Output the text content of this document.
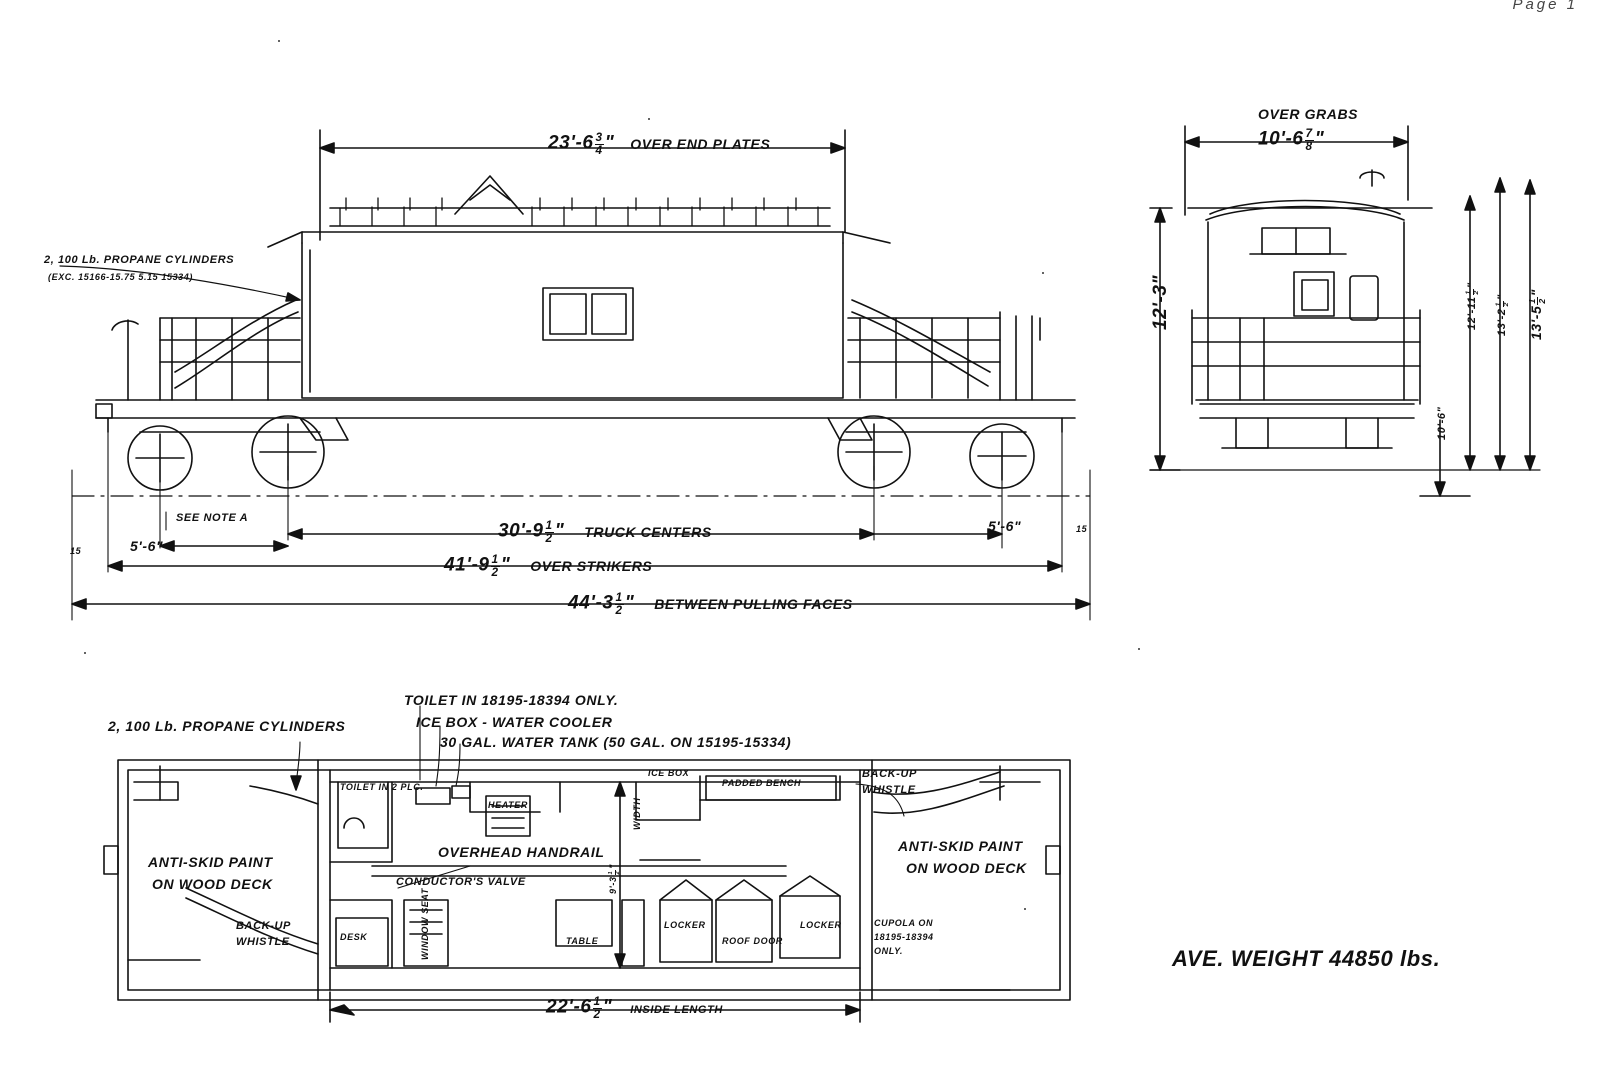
Page 1
$23'-6 \frac{3}{4}$ " OVER END PLATES
2, 100 Lb. PROPANE CYLINDERS
(EXC. 15166-15.75 5.15 15334)
SEE NOTE A
$30'-9 \frac{1}{2}$ " TRUCK CENTERS
5'-6"
5'-6"
15
15
$41'-9 \frac{1}{2}$ " OVER STRIKERS
$44'-3 \frac{1}{2}$ " BETWEEN PULLING FACES
OVER GRABS
$10'-6 \frac{7}{8}$ "
12'-3"	12'-11
1 2
"
13'-2
1 2
"
13'-5
1 2
"
10'-6"
TOILET IN 18195-18394 ONLY.
ICE BOX - WATER COOLER
30 GAL. WATER TANK (50 GAL. ON 15195-15334)
2, 100 Lb. PROPANE CYLINDERS
ANTI-SKID PAINT
ON WOOD DECK
ANTI-SKID PAINT
ON WOOD DECK
BACK-UP
WHISTLE
BACK-UP
WHISTLE
OVERHEAD HANDRAIL
CONDUCTOR'S VALVE
TOILET IN 2 PLC.
HEATER
PADDED BENCH
ICE BOX
DESK	WINDOW SEAT	TABLE
LOCKER
ROOF DOOR
LOCKER	CUPOLA ON
18195-18394
ONLY.
9'-3
1 2
"
WIDTH
$22'-6 \frac{1}{2}$ " INSIDE LENGTH
AVE. WEIGHT 44850 lbs.
